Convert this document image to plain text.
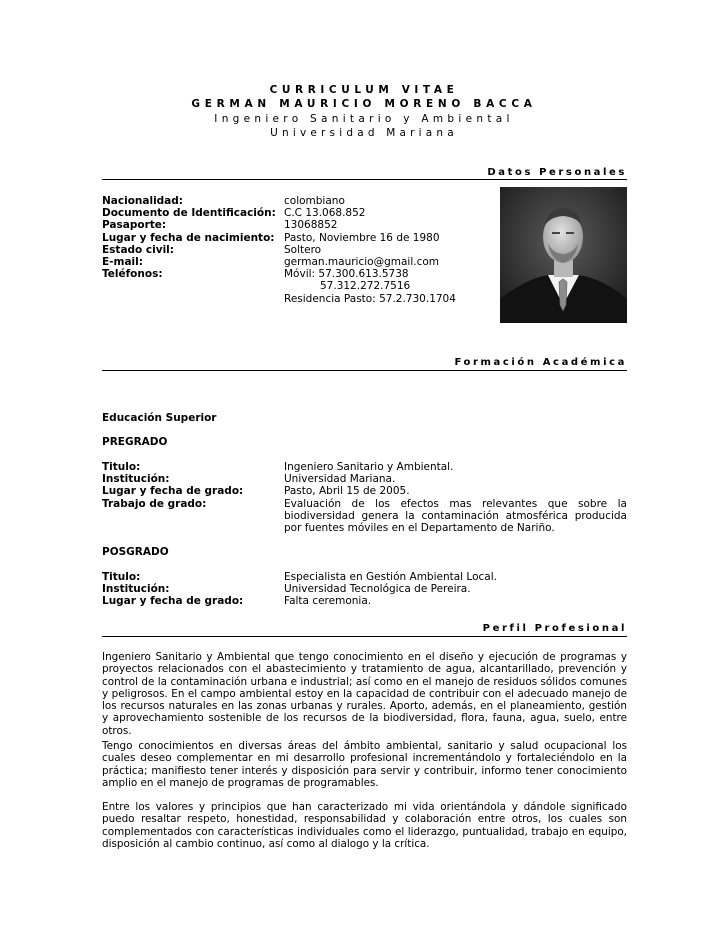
CURRICULUM VITAE
GERMAN MAURICIO MORENO BACCA
Ingeniero Sanitario y Ambiental
Universidad Mariana
Datos Personales
Nacionalidad:	colombiano
Documento de Identificación: C.C 13.068.852
Pasaporte:	13068852
Lugar y fecha de nacimiento: Pasto, Noviembre 16 de 1980
Estado civil:	Soltero
E-mail:	german.mauricio@gmail.com
Teléfonos:	Móvil: 57.300.613.5738
57.312.272.7516
Residencia Pasto: 57.2.730.1704
Formación Académica
Educación Superior
PREGRADO
Titulo:	Ingeniero Sanitario y Ambiental.
Institución:	Universidad Mariana.
Lugar y fecha de grado:	Pasto, Abril 15 de 2005.
Trabajo de grado:	Evaluación de los efectos mas relevantes que sobre la biodiversidad genera la contaminación atmosférica producida por fuentes móviles en el Departamento de Nariño.
POSGRADO
Titulo:	Especialista en Gestión Ambiental Local.
Institución:	Universidad Tecnológica de Pereira.
Lugar y fecha de grado:	Falta ceremonia.
Perfil Profesional
Ingeniero Sanitario y Ambiental que tengo conocimiento en el diseño y ejecución de programas y proyectos relacionados con el abastecimiento y tratamiento de agua, alcantarillado, prevención y control de la contaminación urbana e industrial; así como en el manejo de residuos sólidos comunes y peligrosos. En el campo ambiental estoy en la capacidad de contribuir con el adecuado manejo de los recursos naturales en las zonas urbanas y rurales. Aporto, además, en el planeamiento, gestión y aprovechamiento sostenible de los recursos de la biodiversidad, flora, fauna, agua, suelo, entre otros.
Tengo conocimientos en diversas áreas del ámbito ambiental, sanitario y salud ocupacional los cuales deseo complementar en mi desarrollo profesional incrementándolo y fortaleciéndolo en la práctica; manifiesto tener interés y disposición para servir y contribuir, informo tener conocimiento amplio en el manejo de programas de programables.
Entre los valores y principios que han caracterizado mi vida orientándola y dándole significado puedo resaltar respeto, honestidad, responsabilidad y colaboración entre otros, los cuales son complementados con características individuales como el liderazgo, puntualidad, trabajo en equipo, disposición al cambio continuo, así como al dialogo y la crítica.
